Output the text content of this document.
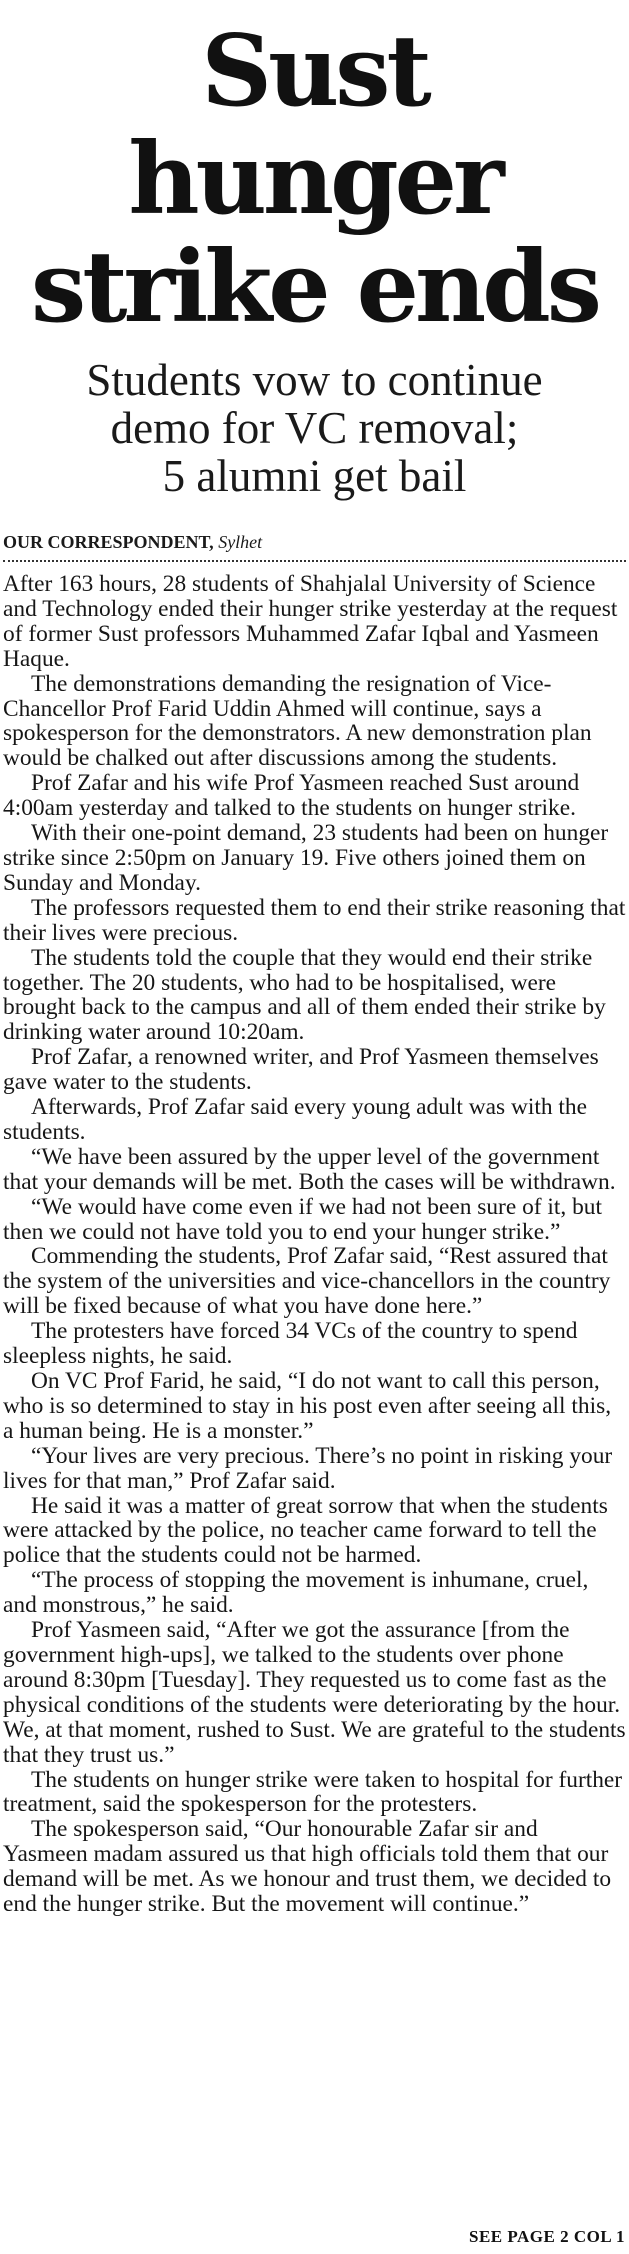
Sust hunger
strike ends
Students vow to continue
demo for VC removal;
5 alumni get bail
OUR CORRESPONDENT, Sylhet

After 163 hours, 28 students of Shahjalal University of Science and Technology ended their hunger strike yesterday at the request of former Sust professors Muhammed Zafar Iqbal and Yasmeen Haque.

The demonstrations demanding the resignation of Vice-Chancellor Prof Farid Uddin Ahmed will continue, says a spokesperson for the demonstrators. A new demonstration plan would be chalked out after discussions among the students.

Prof Zafar and his wife Prof Yasmeen reached Sust around 4:00am yesterday and talked to the students on hunger strike.

With their one-point demand, 23 students had been on hunger strike since 2:50pm on January 19. Five others joined them on Sunday and Monday.

The professors requested them to end their strike reasoning that their lives were precious.

The students told the couple that they would end their strike together. The 20 students, who had to be hospitalised, were brought back to the campus and all of them ended their strike by drinking water around 10:20am.

Prof Zafar, a renowned writer, and Prof Yasmeen themselves gave water to the students.

Afterwards, Prof Zafar said every young adult was with the students.

“We have been assured by the upper level of the government that your demands will be met. Both the cases will be withdrawn.

“We would have come even if we had not been sure of it, but then we could not have told you to end your hunger strike.”

Commending the students, Prof Zafar said, “Rest assured that the system of the universities and vice-chancellors in the country will be fixed because of what you have done here.”

The protesters have forced 34 VCs of the country to spend sleepless nights, he said.

On VC Prof Farid, he said, “I do not want to call this person, who is so determined to stay in his post even after seeing all this, a human being. He is a monster.”

“Your lives are very precious. There’s no point in risking your lives for that man,” Prof Zafar said.

He said it was a matter of great sorrow that when the students were attacked by the police, no teacher came forward to tell the police that the students could not be harmed.

“The process of stopping the movement is inhumane, cruel, and monstrous,” he said.

Prof Yasmeen said, “After we got the assurance [from the government high-ups], we talked to the students over phone around 8:30pm [Tuesday]. They requested us to come fast as the physical conditions of the students were deteriorating by the hour. We, at that moment, rushed to Sust. We are grateful to the students that they trust us.”

The students on hunger strike were taken to hospital for further treatment, said the spokesperson for the protesters.

The spokesperson said, “Our honourable Zafar sir and Yasmeen madam assured us that high officials told them that our demand will be met. As we honour and trust them, we decided to end the hunger strike. But the movement will continue.”

SEE PAGE 2 COL 1
